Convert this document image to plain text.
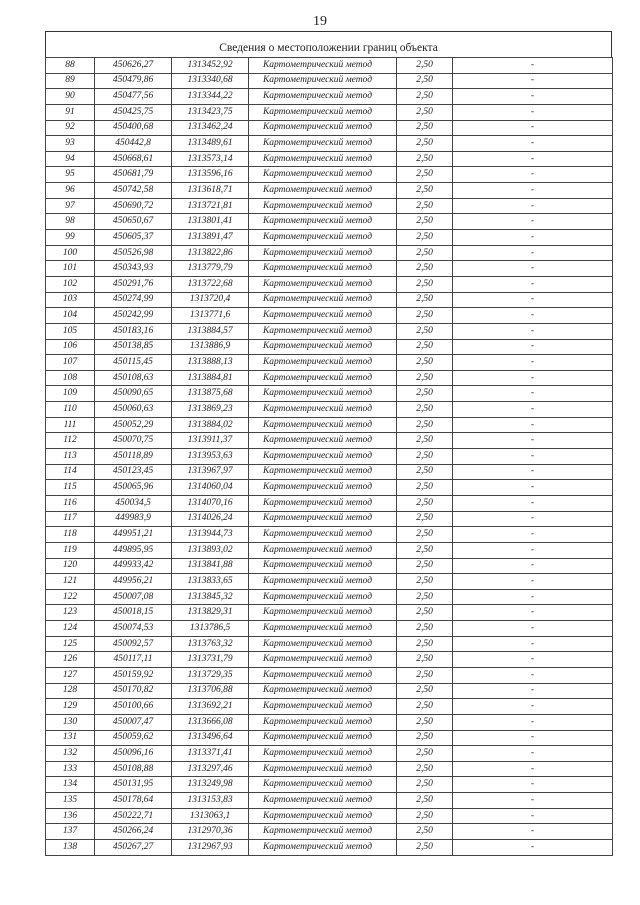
19
Сведения о местоположении границ объекта
88	450626,27	1313452,92	Картометрический метод	2,50	-
89	450479,86	1313340,68	Картометрический метод	2,50	-
90	450477,56	1313344,22	Картометрический метод	2,50	-
91	450425,75	1313423,75	Картометрический метод	2,50	-
92	450400,68	1313462,24	Картометрический метод	2,50	-
93	450442,8	1313489,61	Картометрический метод	2,50	-
94	450668,61	1313573,14	Картометрический метод	2,50	-
95	450681,79	1313596,16	Картометрический метод	2,50	-
96	450742,58	1313618,71	Картометрический метод	2,50	-
97	450690,72	1313721,81	Картометрический метод	2,50	-
98	450650,67	1313801,41	Картометрический метод	2,50	-
99	450605,37	1313891,47	Картометрический метод	2,50	-
100	450526,98	1313822,86	Картометрический метод	2,50	-
101	450343,93	1313779,79	Картометрический метод	2,50	-
102	450291,76	1313722,68	Картометрический метод	2,50	-
103	450274,99	1313720,4	Картометрический метод	2,50	-
104	450242,99	1313771,6	Картометрический метод	2,50	-
105	450183,16	1313884,57	Картометрический метод	2,50	-
106	450138,85	1313886,9	Картометрический метод	2,50	-
107	450115,45	1313888,13	Картометрический метод	2,50	-
108	450108,63	1313884,81	Картометрический метод	2,50	-
109	450090,65	1313875,68	Картометрический метод	2,50	-
110	450060,63	1313869,23	Картометрический метод	2,50	-
111	450052,29	1313884,02	Картометрический метод	2,50	-
112	450070,75	1313911,37	Картометрический метод	2,50	-
113	450118,89	1313953,63	Картометрический метод	2,50	-
114	450123,45	1313967,97	Картометрический метод	2,50	-
115	450065,96	1314060,04	Картометрический метод	2,50	-
116	450034,5	1314070,16	Картометрический метод	2,50	-
117	449983,9	1314026,24	Картометрический метод	2,50	-
118	449951,21	1313944,73	Картометрический метод	2,50	-
119	449895,95	1313893,02	Картометрический метод	2,50	-
120	449933,42	1313841,88	Картометрический метод	2,50	-
121	449956,21	1313833,65	Картометрический метод	2,50	-
122	450007,08	1313845,32	Картометрический метод	2,50	-
123	450018,15	1313829,31	Картометрический метод	2,50	-
124	450074,53	1313786,5	Картометрический метод	2,50	-
125	450092,57	1313763,32	Картометрический метод	2,50	-
126	450117,11	1313731,79	Картометрический метод	2,50	-
127	450159,92	1313729,35	Картометрический метод	2,50	-
128	450170,82	1313706,88	Картометрический метод	2,50	-
129	450100,66	1313692,21	Картометрический метод	2,50	-
130	450007,47	1313666,08	Картометрический метод	2,50	-
131	450059,62	1313496,64	Картометрический метод	2,50	-
132	450096,16	1313371,41	Картометрический метод	2,50	-
133	450108,88	1313297,46	Картометрический метод	2,50	-
134	450131,95	1313249,98	Картометрический метод	2,50	-
135	450178,64	1313153,83	Картометрический метод	2,50	-
136	450222,71	1313063,1	Картометрический метод	2,50	-
137	450266,24	1312970,36	Картометрический метод	2,50	-
138	450267,27	1312967,93	Картометрический метод	2,50	-
